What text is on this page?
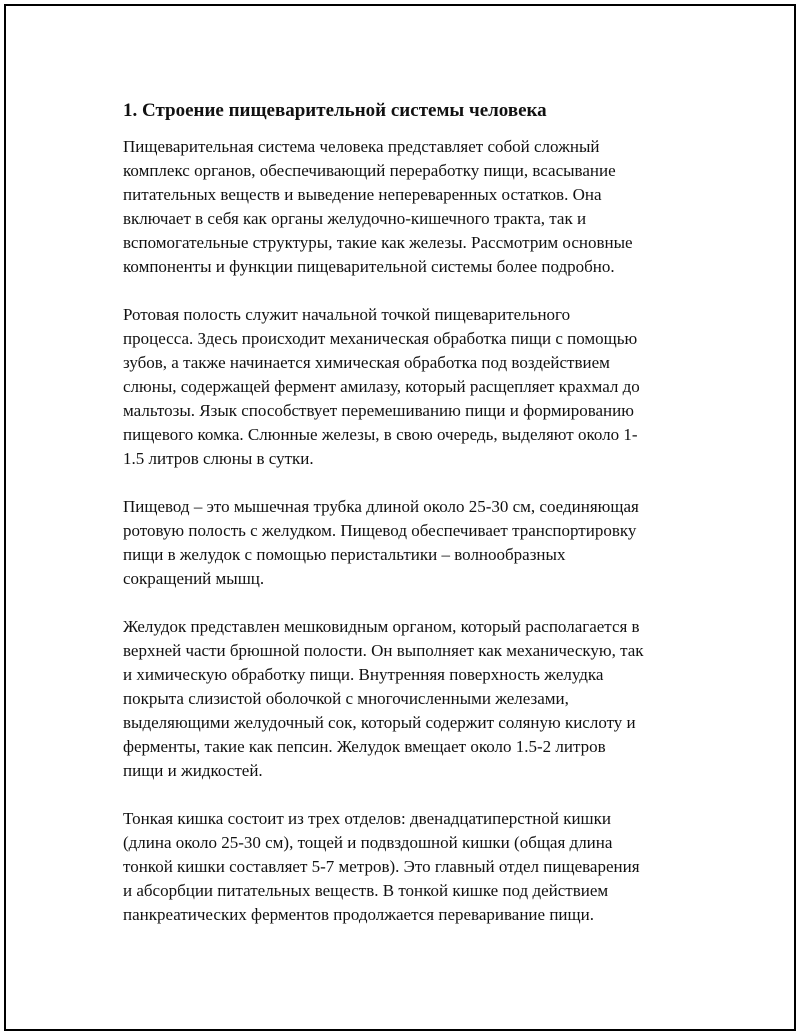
1. Строение пищеварительной системы человека

Пищеварительная система человека представляет собой сложный
комплекс органов, обеспечивающий переработку пищи, всасывание
питательных веществ и выведение непереваренных остатков. Она
включает в себя как органы желудочно-кишечного тракта, так и
вспомогательные структуры, такие как железы. Рассмотрим основные
компоненты и функции пищеварительной системы более подробно.

Ротовая полость служит начальной точкой пищеварительного
процесса. Здесь происходит механическая обработка пищи с помощью
зубов, а также начинается химическая обработка под воздействием
слюны, содержащей фермент амилазу, который расщепляет крахмал до
мальтозы. Язык способствует перемешиванию пищи и формированию
пищевого комка. Слюнные железы, в свою очередь, выделяют около 1-
1.5 литров слюны в сутки.

Пищевод – это мышечная трубка длиной около 25-30 см, соединяющая
ротовую полость с желудком. Пищевод обеспечивает транспортировку
пищи в желудок с помощью перистальтики – волнообразных
сокращений мышц.

Желудок представлен мешковидным органом, который располагается в
верхней части брюшной полости. Он выполняет как механическую, так
и химическую обработку пищи. Внутренняя поверхность желудка
покрыта слизистой оболочкой с многочисленными железами,
выделяющими желудочный сок, который содержит соляную кислоту и
ферменты, такие как пепсин. Желудок вмещает около 1.5-2 литров
пищи и жидкостей.

Тонкая кишка состоит из трех отделов: двенадцатиперстной кишки
(длина около 25-30 см), тощей и подвздошной кишки (общая длина
тонкой кишки составляет 5-7 метров). Это главный отдел пищеварения
и абсорбции питательных веществ. В тонкой кишке под действием
панкреатических ферментов продолжается переваривание пищи.
